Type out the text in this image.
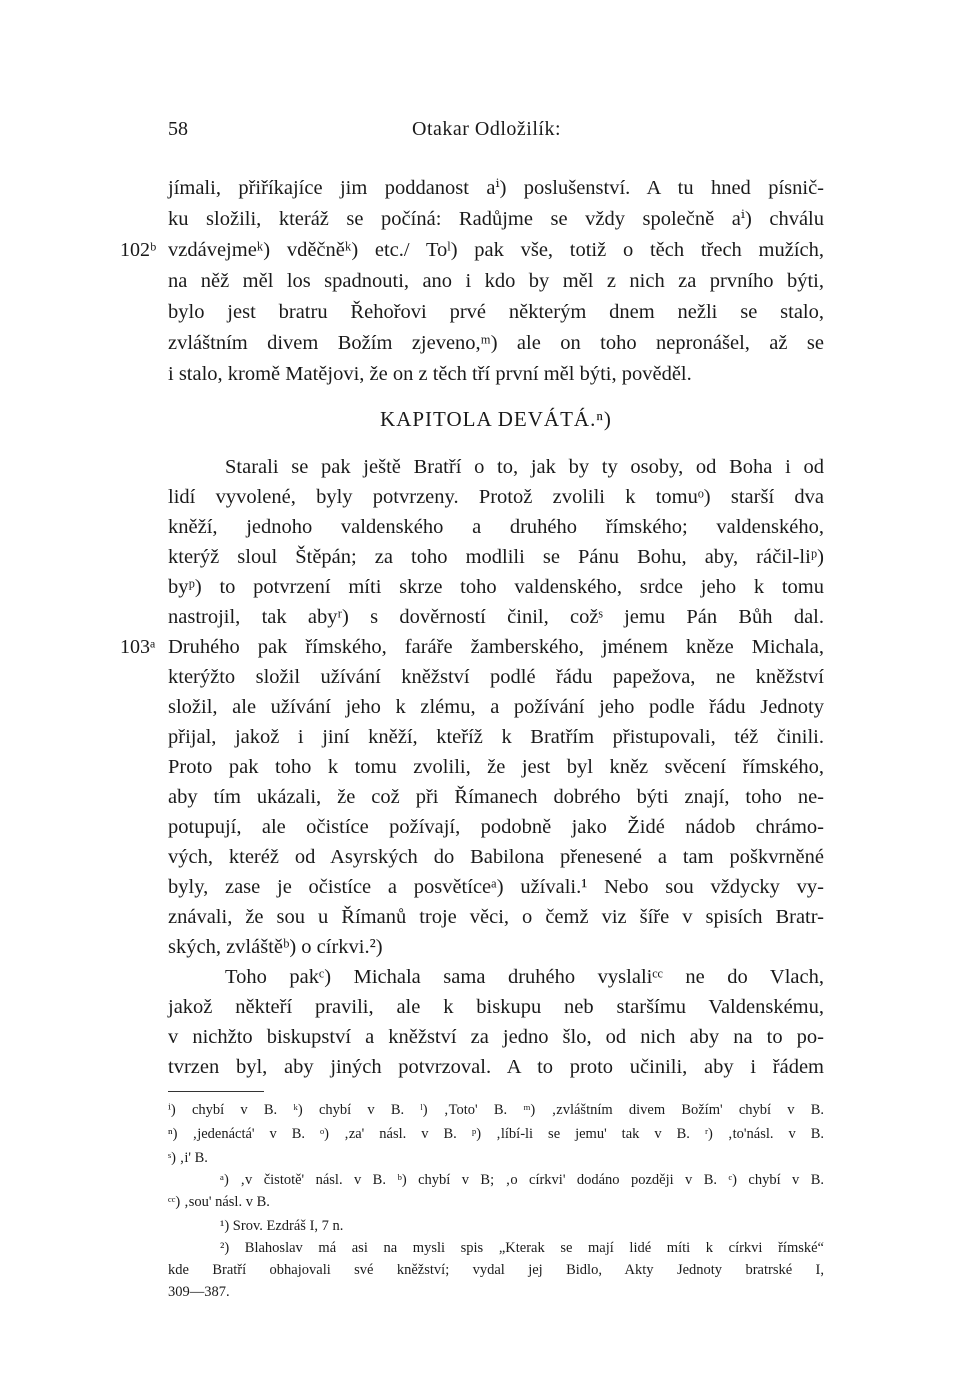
58	Otakar Odložilík:
jímali, přiříkajíce jim poddanost aⁱ) poslušenství. A tu hned písnič-
ku složili, kteráž se počíná: Radůjme se vždy společně aⁱ) chválu
102ᵇ vzdávejmeᵏ) vděčněᵏ) etc./ Toˡ) pak vše, totiž o těch třech mužích,
na něž měl los spadnouti, ano i kdo by měl z nich za prvního býti,
bylo jest bratru Řehořovi prvé některým dnem nežli se stalo,
zvláštním divem Božím zjeveno,ᵐ) ale on toho nepronášel, až se
i stalo, kromě Matějovi, že on z těch tří první měl býti, pověděl.
KAPITOLA DEVÁTÁ.ⁿ)
Starali se pak ještě Bratří o to, jak by ty osoby, od Boha i od
lidí vyvolené, byly potvrzeny. Protož zvolili k tomuᵒ) starší dva
kněží, jednoho valdenského a druhého římského; valdenského,
kterýž sloul Štěpán; za toho modlili se Pánu Bohu, aby, ráčil-liᵖ)
byᵖ) to potvrzení míti skrze toho valdenského, srdce jeho k tomu
nastrojil, tak abyʳ) s dověrností činil, cožˢ jemu Pán Bůh dal.
103ᵃ Druhého pak římského, faráře žamberského, jménem kněze Michala,
kterýžto složil užívání kněžství podlé řádu papežova, ne kněžství
složil, ale užívání jeho k zlému, a požívání jeho podle řádu Jednoty
přijal, jakož i jiní kněží, kteříž k Bratřím přistupovali, též činili.
Proto pak toho k tomu zvolili, že jest byl kněz svěcení římského,
aby tím ukázali, že což při Římanech dobrého býti znají, toho ne-
potupují, ale očistíce požívají, podobně jako Židé nádob chrámo-
vých, kteréž od Asyrských do Babilona přenesené a tam poškvrněné
byly, zase je očistíce a posvětíceᵃ) užívali.¹ Nebo sou vždycky vy-
znávali, že sou u Římanů troje věci, o čemž viz šíře v spisích Bratr-
ských, zvláštěᵇ) o církvi.²)
Toho pakᶜ) Michala sama druhého vyslaliᶜᶜ ne do Vlach,
jakož někteří pravili, ale k biskupu neb staršímu Valdenskému,
v nichžto biskupství a kněžství za jedno šlo, od nich aby na to po-
tvrzen byl, aby jiných potvrzoval. A to proto učinili, aby i řádem
ⁱ) chybí v B. ᵏ) chybí v B. ˡ) ‚Toto' B. ᵐ) ‚zvláštním divem Božím' chybí v B.
ⁿ) ‚jedenáctá' v B. ᵒ) ‚za' násl. v B. ᵖ) ‚líbí-li se jemu' tak v B. ʳ) ‚to'násl. v B.
ˢ) ‚i' B.
ᵃ) ‚v čistotě' násl. v B. ᵇ) chybí v B; ‚o církvi' dodáno později v B. ᶜ) chybí v B.
ᶜᶜ) ‚sou' násl. v B.
¹) Srov. Ezdráš I, 7 n.
²) Blahoslav má asi na mysli spis „Kterak se mají lidé míti k církvi římské“
kde Bratří obhajovali své kněžství; vydal jej Bidlo, Akty Jednoty bratrské I,
309—387.
